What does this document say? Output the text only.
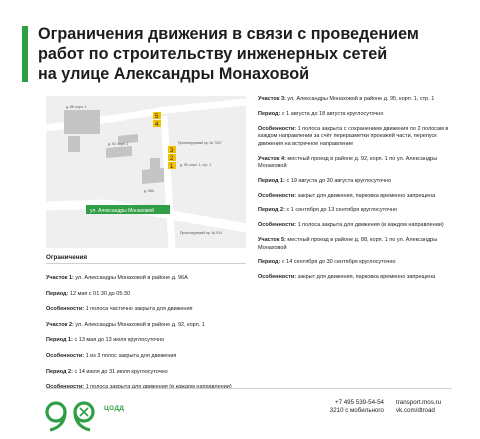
Ограничения движения в связи с проведением
работ по строительству инженерных сетей
на улице Александры Монаховой
5
4
3
2
1
д. 88, корп. 1
д. 92, корп. 1
д. 96А
д. 95, корп. 1, стр. 1
Проектируемый пр. № 7007
Проектируемый пр. № 914
ул. Александры Монаховой
Ограничения
Участок 1: ул. Александры Монаховой в районе д. 96А
Период: 12 мая с 01:30 до 05:30
Особенности: 1 полоса частично закрыта для движения
Участок 2: ул. Александры Монаховой в районе д. 92, корп. 1
Период 1: с 13 мая до 13 июля круглосуточно
Особенности: 1 из 3 полос закрыта для движения
Период 2: с 14 июля до 31 июля круглосуточно
Участок 3: ул. Александры Монаховой в районе д. 95, корп. 1, стр. 1
Период: с 1 августа до 18 августа круглосуточно
Особенности: 1 полоса закрыта с сохранением движения по 2 полосам в каждом направлении за счёт переразметки проезжей части, перепуск движения на встречное направление
Участок 4: местный проезд в районе д. 92, корп. 1 по ул. Александры Монаховой
Период 1: с 19 августа до 30 августа круглосуточно
Особенности: закрыт для движения, парковка временно запрещена
Период 2: с 1 сентября до 13 сентября круглосуточно
Особенности: 1 полоса закрыта для движения (в каждом направлении)
Участок 5: местный проезд в районе д. 88, корп. 1 по ул. Александры Монаховой
Период: с 14 сентября до 30 сентября круглосуточно
Особенности: закрыт для движения, парковка временно запрещена
ЦОДД
+7 495 539-54-54
3210 с мобильного
transport.mos.ru
vk.com/dtroad
